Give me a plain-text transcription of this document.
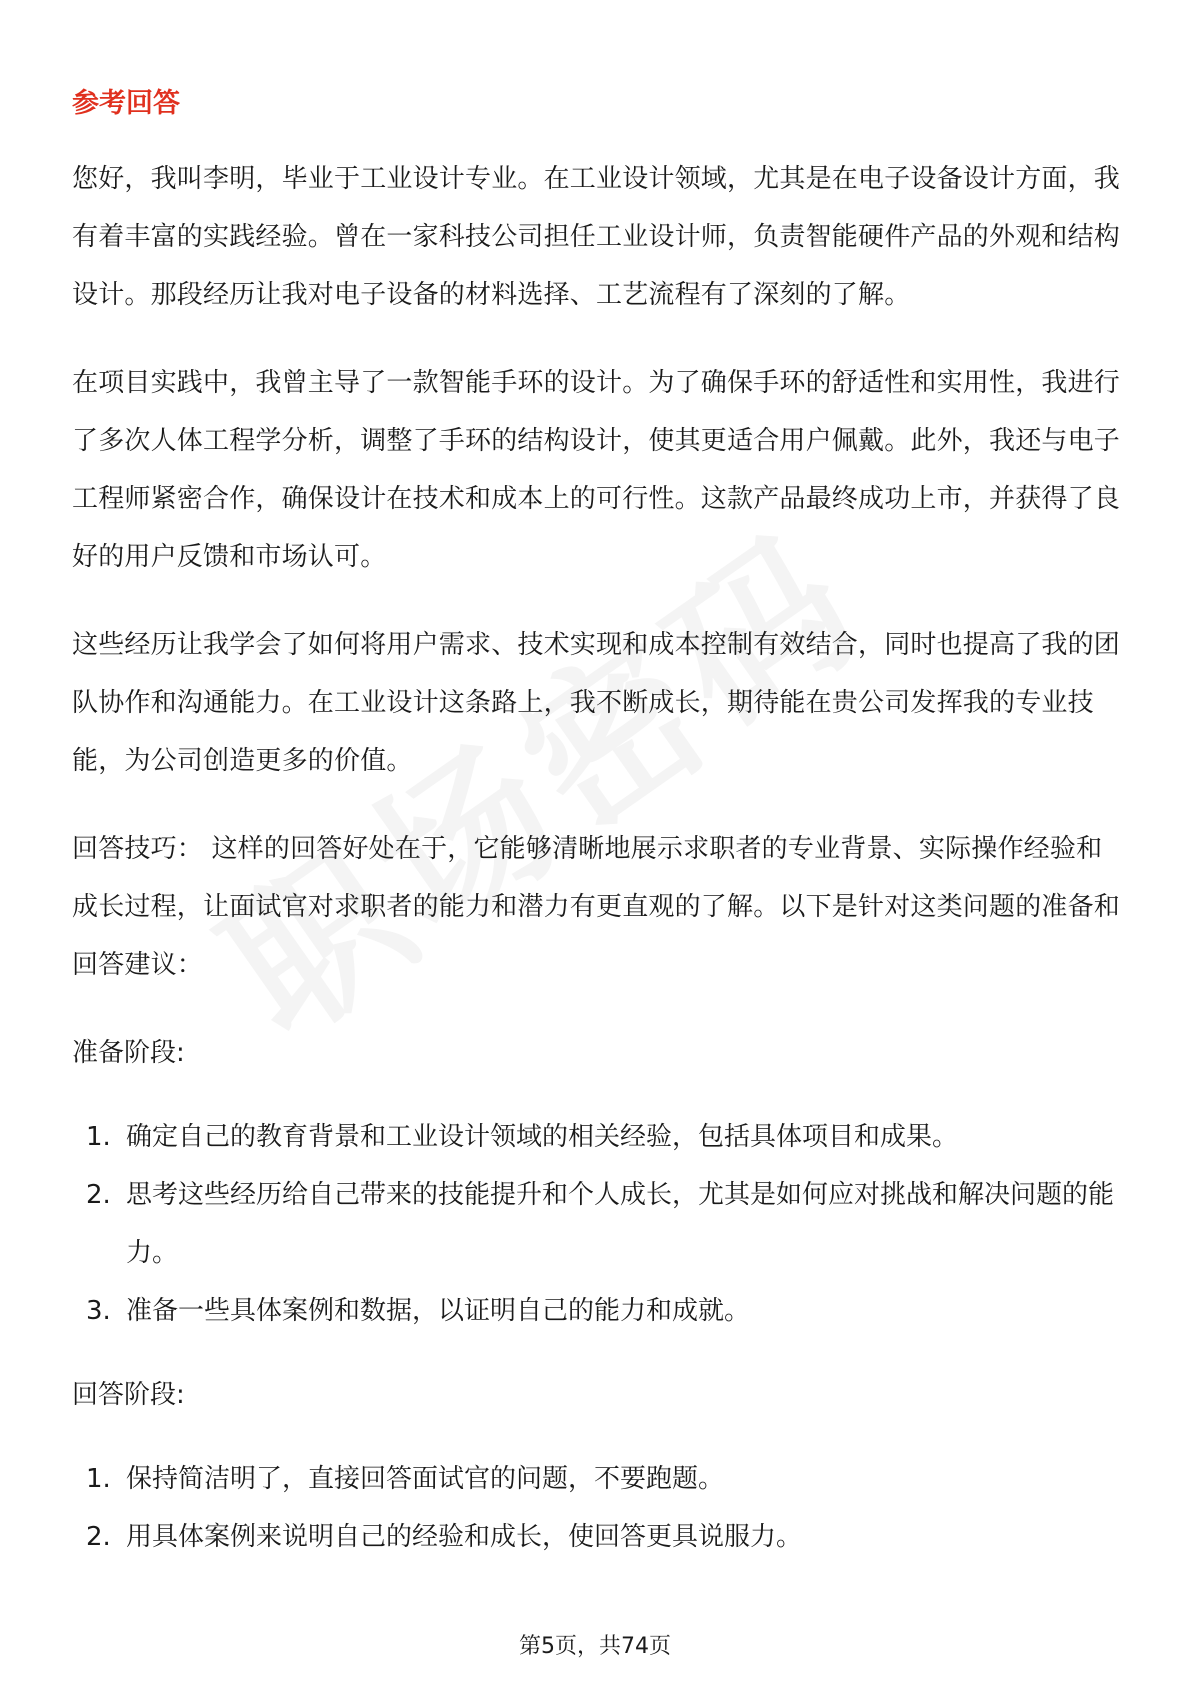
参考回答

您好，我叫李明，毕业于工业设计专业。在工业设计领域，尤其是在电子设备设计方面，我有着丰富的实践经验。曾在一家科技公司担任工业设计师，负责智能硬件产品的外观和结构设计。那段经历让我对电子设备的材料选择、工艺流程有了深刻的了解。

在项目实践中，我曾主导了一款智能手环的设计。为了确保手环的舒适性和实用性，我进行了多次人体工程学分析，调整了手环的结构设计，使其更适合用户佩戴。此外，我还与电子工程师紧密合作，确保设计在技术和成本上的可行性。这款产品最终成功上市，并获得了良好的用户反馈和市场认可。

这些经历让我学会了如何将用户需求、技术实现和成本控制有效结合，同时也提高了我的团队协作和沟通能力。在工业设计这条路上，我不断成长，期待能在贵公司发挥我的专业技能，为公司创造更多的价值。

回答技巧： 这样的回答好处在于，它能够清晰地展示求职者的专业背景、实际操作经验和成长过程，让面试官对求职者的能力和潜力有更直观的了解。以下是针对这类问题的准备和回答建议：

准备阶段:
1. 确定自己的教育背景和工业设计领域的相关经验，包括具体项目和成果。
2. 思考这些经历给自己带来的技能提升和个人成长，尤其是如何应对挑战和解决问题的能力。
3. 准备一些具体案例和数据，以证明自己的能力和成就。
回答阶段:
1. 保持简洁明了，直接回答面试官的问题，不要跑题。
2. 用具体案例来说明自己的经验和成长，使回答更具说服力。
第5页，共74页
